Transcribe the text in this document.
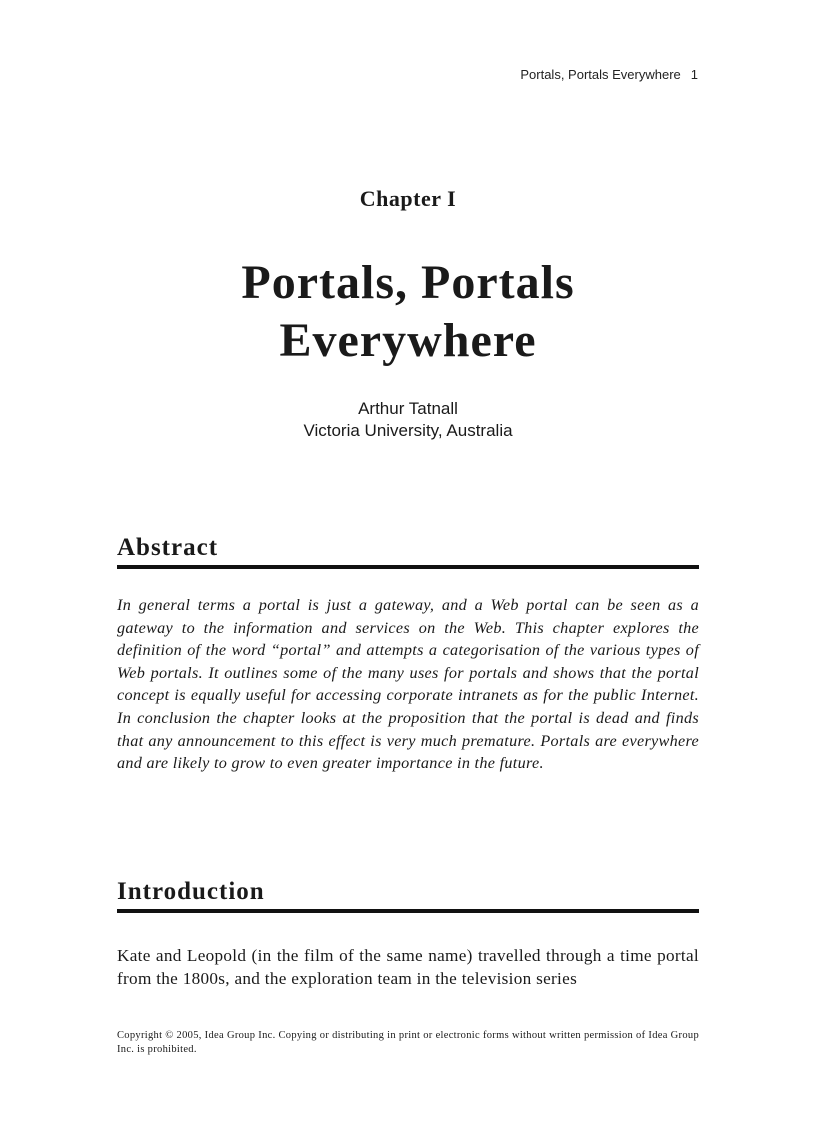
Portals, Portals Everywhere 1
Chapter I
Portals, Portals
Everywhere
Arthur Tatnall
Victoria University, Australia
Abstract

In general terms a portal is just a gateway, and a Web portal can be seen as a gateway to the information and services on the Web. This chapter explores the definition of the word “portal” and attempts a categorisation of the various types of Web portals. It outlines some of the many uses for portals and shows that the portal concept is equally useful for accessing corporate intranets as for the public Internet. In conclusion the chapter looks at the proposition that the portal is dead and finds that any announcement to this effect is very much premature. Portals are everywhere and are likely to grow to even greater importance in the future.

Introduction

Kate and Leopold (in the film of the same name) travelled through a time portal from the 1800s, and the exploration team in the television series

Copyright © 2005, Idea Group Inc. Copying or distributing in print or electronic forms without written permission of Idea Group Inc. is prohibited.
